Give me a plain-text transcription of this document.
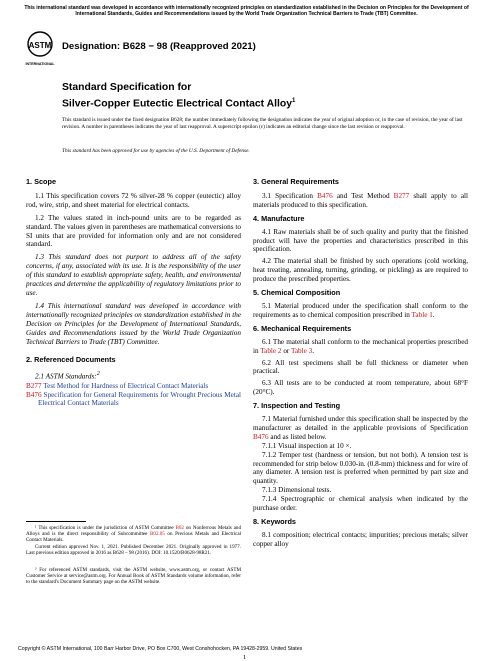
This international standard was developed in accordance with internationally recognized principles on standardization established in the Decision on Principles for the Development of International Standards, Guides and Recommendations issued by the World Trade Organization Technical Barriers to Trade (TBT) Committee.
ASTM
INTERNATIONAL
Designation: B628 − 98 (Reapproved 2021)
Standard Specification for
Silver-Copper Eutectic Electrical Contact Alloy$^1$
This standard is issued under the fixed designation B628; the number immediately following the designation indicates the year of original adoption or, in the case of revision, the year of last revision. A number in parentheses indicates the year of last reapproval. A superscript epsilon (ε) indicates an editorial change since the last revision or reapproval.
This standard has been approved for use by agencies of the U.S. Department of Defense.
1. Scope

1.1 This specification covers 72 % silver-28 % copper (eutectic) alloy rod, wire, strip, and sheet material for electrical contacts.

1.2 The values stated in inch-pound units are to be regarded as standard. The values given in parentheses are mathematical conversions to SI units that are provided for information only and are not considered standard.

1.3 This standard does not purport to address all of the safety concerns, if any, associated with its use. It is the responsibility of the user of this standard to establish appropriate safety, health, and environmental practices and determine the applicability of regulatory limitations prior to use.

1.4 This international standard was developed in accordance with internationally recognized principles on standardization established in the Decision on Principles for the Development of International Standards, Guides and Recommendations issued by the World Trade Organization Technical Barriers to Trade (TBT) Committee.

2. Referenced Documents

2.1 ASTM Standards:$^2$

B277 Test Method for Hardness of Electrical Contact Materials

B476 Specification for General Requirements for Wrought Precious Metal Electrical Contact Materials

3. General Requirements

3.1 Specification B476 and Test Method B277 shall apply to all materials produced to this specification.

4. Manufacture

4.1 Raw materials shall be of such quality and purity that the finished product will have the properties and characteristics prescribed in this specification.

4.2 The material shall be finished by such operations (cold working, heat treating, annealing, turning, grinding, or pickling) as are required to produce the prescribed properties.

5. Chemical Composition

5.1 Material produced under the specification shall conform to the requirements as to chemical composition prescribed in Table 1.

6. Mechanical Requirements

6.1 The material shall conform to the mechanical properties prescribed in Table 2 or Table 3.

6.2 All test specimens shall be full thickness or diameter when practical.

6.3 All tests are to be conducted at room temperature, about 68°F (20°C).

7. Inspection and Testing

7.1 Material furnished under this specification shall be inspected by the manufacturer as detailed in the applicable provisions of Specification B476 and as listed below.

7.1.1 Visual inspection at 10 ×.

7.1.2 Temper test (hardness or tension, but not both). A tension test is recommended for strip below 0.030-in. (0.8-mm) thickness and for wire of any diameter. A tension test is preferred when permitted by part size and quantity.

7.1.3 Dimensional tests.

7.1.4 Spectrographic or chemical analysis when indicated by the purchase order.

8. Keywords

8.1 composition; electrical contacts; impurities; precious metals; silver copper alloy

¹ This specification is under the jurisdiction of ASTM Committee B02 on Nonferrous Metals and Alloys and is the direct responsibility of Subcommittee B02.05 on Precious Metals and Electrical Contact Materials.
Current edition approved Nov. 1, 2021. Published December 2021. Originally approved in 1977. Last previous edition approved in 2016 as B628 – 98 (2016). DOI: 10.1520/B0628-98R21.
² For referenced ASTM standards, visit the ASTM website, www.astm.org, or contact ASTM Customer Service at service@astm.org. For Annual Book of ASTM Standards volume information, refer to the standard's Document Summary page on the ASTM website.
Copyright © ASTM International, 100 Barr Harbor Drive, PO Box C700, West Conshohocken, PA 19428-2959. United States
1
